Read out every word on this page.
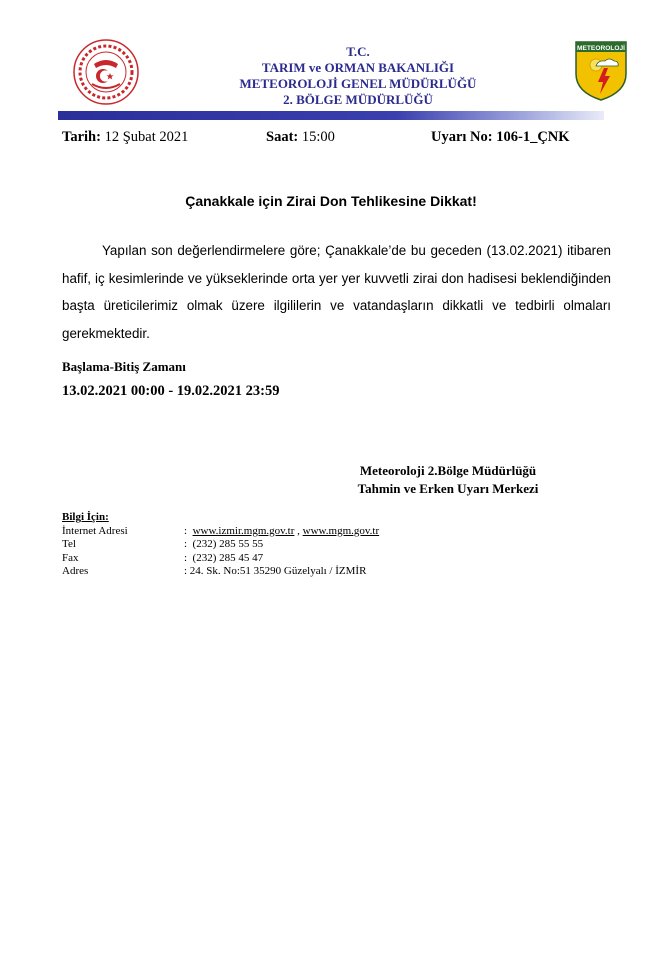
T.C.
TARIM ve ORMAN BAKANLIĞI
METEOROLOJİ GENEL MÜDÜRLÜĞÜ
2. BÖLGE MÜDÜRLÜĞÜ
METEOROLOJİ
Tarih: 12 Şubat 2021	Saat: 15:00	Uyarı No: 106-1_ÇNK
Çanakkale için Zirai Don Tehlikesine Dikkat!
Yapılan son değerlendirmelere göre; Çanakkale’de bu geceden (13.02.2021) itibaren hafif, iç kesimlerinde ve yükseklerinde orta yer yer kuvvetli zirai don hadisesi beklendiğinden başta üreticilerimiz olmak üzere ilgililerin ve vatandaşların dikkatli ve tedbirli olmaları gerekmektedir.
Başlama-Bitiş Zamanı
13.02.2021 00:00 - 19.02.2021 23:59
Meteoroloji 2.Bölge Müdürlüğü
Tahmin ve Erken Uyarı Merkezi
Bilgi İçin:
İnternet Adresi	:  www.izmir.mgm.gov.tr , www.mgm.gov.tr
Tel	:  (232) 285 55 55
Fax	:  (232) 285 45 47
Adres	: 24. Sk. No:51 35290 Güzelyalı / İZMİR
